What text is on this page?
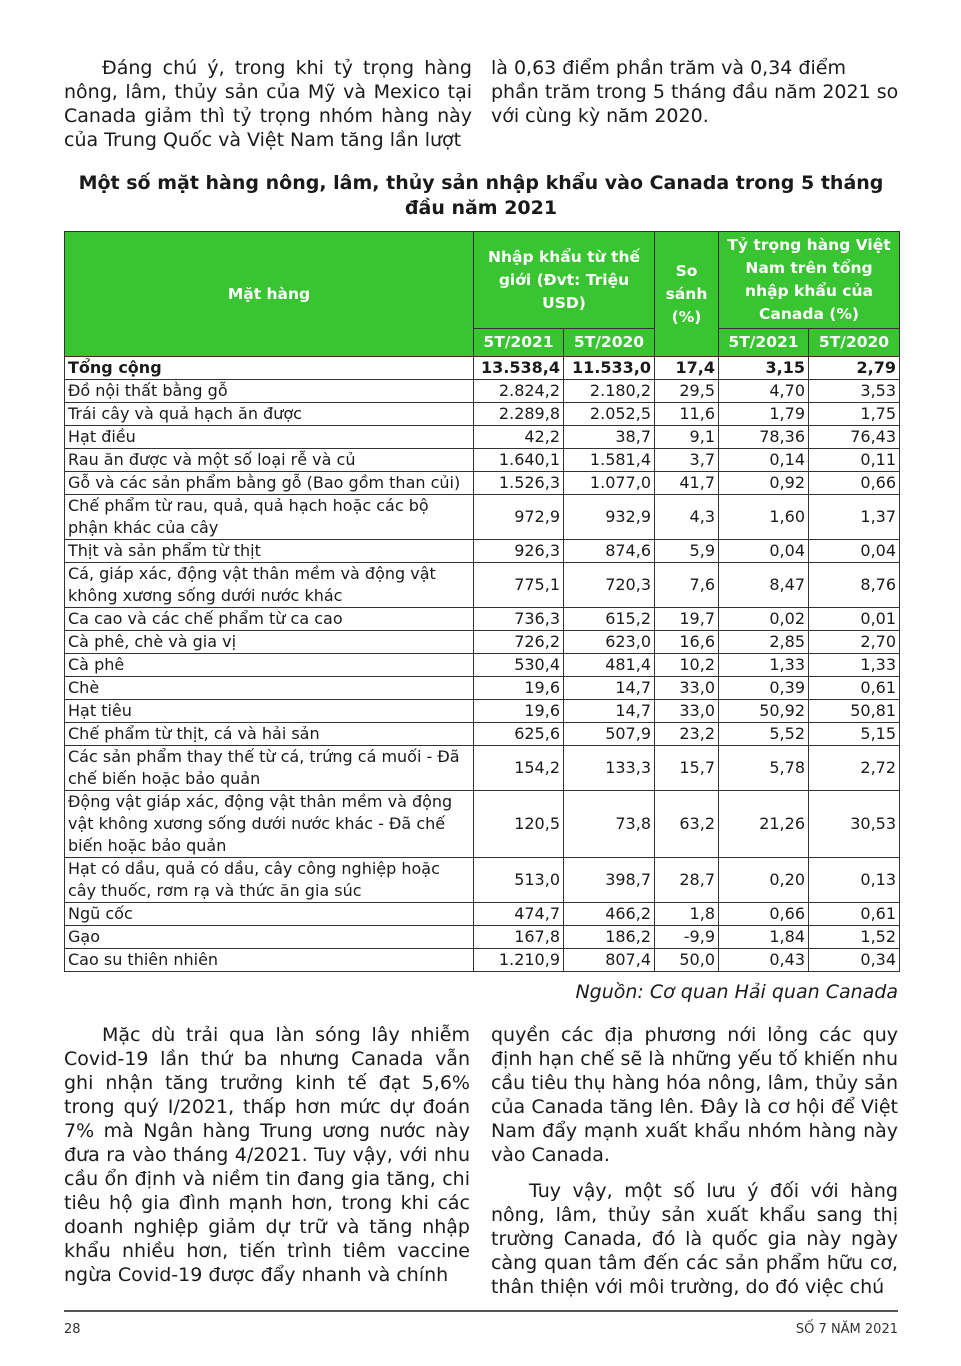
Đáng chú ý, trong khi tỷ trọng hàng nông, lâm, thủy sản của Mỹ và Mexico tại Canada giảm thì tỷ trọng nhóm hàng này của Trung Quốc và Việt Nam tăng lần lượt

là 0,63 điểm phần trăm và 0,34 điểm phần trăm trong 5 tháng đầu năm 2021 so với cùng kỳ năm 2020.

Một số mặt hàng nông, lâm, thủy sản nhập khẩu vào Canada trong 5 tháng đầu năm 2021
Mặt hàng	Nhập khẩu từ thế giới (Đvt: Triệu USD)		So sánh (%)	Tỷ trọng hàng Việt Nam trên tổng nhập khẩu của Canada (%)	
	5T/2021	5T/2020		5T/2021	5T/2020
Tổng cộng	13.538,4	11.533,0	17,4	3,15	2,79
Đồ nội thất bằng gỗ	2.824,2	2.180,2	29,5	4,70	3,53
Trái cây và quả hạch ăn được	2.289,8	2.052,5	11,6	1,79	1,75
Hạt điều	42,2	38,7	9,1	78,36	76,43
Rau ăn được và một số loại rễ và củ	1.640,1	1.581,4	3,7	0,14	0,11
Gỗ và các sản phẩm bằng gỗ (Bao gồm than củi)	1.526,3	1.077,0	41,7	0,92	0,66
Chế phẩm từ rau, quả, quả hạch hoặc các bộ phận khác của cây	972,9	932,9	4,3	1,60	1,37
Thịt và sản phẩm từ thịt	926,3	874,6	5,9	0,04	0,04
Cá, giáp xác, động vật thân mềm và động vật không xương sống dưới nước khác	775,1	720,3	7,6	8,47	8,76
Ca cao và các chế phẩm từ ca cao	736,3	615,2	19,7	0,02	0,01
Cà phê, chè và gia vị	726,2	623,0	16,6	2,85	2,70
Cà phê	530,4	481,4	10,2	1,33	1,33
Chè	19,6	14,7	33,0	0,39	0,61
Hạt tiêu	19,6	14,7	33,0	50,92	50,81
Chế phẩm từ thịt, cá và hải sản	625,6	507,9	23,2	5,52	5,15
Các sản phẩm thay thế từ cá, trứng cá muối - Đã chế biến hoặc bảo quản	154,2	133,3	15,7	5,78	2,72
Động vật giáp xác, động vật thân mềm và động vật không xương sống dưới nước khác - Đã chế biến hoặc bảo quản	120,5	73,8	63,2	21,26	30,53
Hạt có dầu, quả có dầu, cây công nghiệp hoặc cây thuốc, rơm rạ và thức ăn gia súc	513,0	398,7	28,7	0,20	0,13
Ngũ cốc	474,7	466,2	1,8	0,66	0,61
Gạo	167,8	186,2	-9,9	1,84	1,52
Cao su thiên nhiên	1.210,9	807,4	50,0	0,43	0,34
Nguồn: Cơ quan Hải quan Canada

Mặc dù trải qua làn sóng lây nhiễm Covid-19 lần thứ ba nhưng Canada vẫn ghi nhận tăng trưởng kinh tế đạt 5,6% trong quý I/2021, thấp hơn mức dự đoán 7% mà Ngân hàng Trung ương nước này đưa ra vào tháng 4/2021. Tuy vậy, với nhu cầu ổn định và niềm tin đang gia tăng, chi tiêu hộ gia đình mạnh hơn, trong khi các doanh nghiệp giảm dự trữ và tăng nhập khẩu nhiều hơn, tiến trình tiêm vaccine ngừa Covid-19 được đẩy nhanh và chính

quyền các địa phương nới lỏng các quy định hạn chế sẽ là những yếu tố khiến nhu cầu tiêu thụ hàng hóa nông, lâm, thủy sản của Canada tăng lên. Đây là cơ hội để Việt Nam đẩy mạnh xuất khẩu nhóm hàng này vào Canada.

Tuy vậy, một số lưu ý đối với hàng nông, lâm, thủy sản xuất khẩu sang thị trường Canada, đó là quốc gia này ngày càng quan tâm đến các sản phẩm hữu cơ, thân thiện với môi trường, do đó việc chú

28	SỐ 7 NĂM 2021
